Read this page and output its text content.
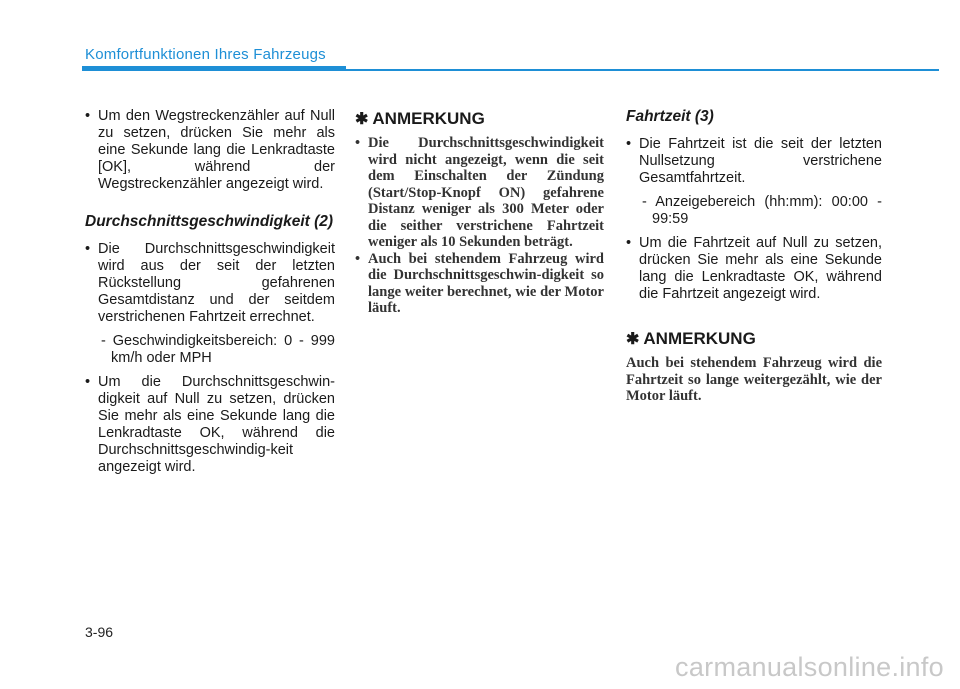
Komfortfunktionen Ihres Fahrzeugs

• Um den Wegstreckenzähler auf Null zu setzen, drücken Sie mehr als eine Sekunde lang die Lenkradtaste [OK], während der Wegstreckenzähler angezeigt wird.

Durchschnittsgeschwindigkeit (2)

• Die Durchschnittsgeschwindigkeit wird aus der seit der letzten Rückstellung gefahrenen Gesamtdistanz und der seitdem verstrichenen Fahrtzeit errechnet.

- Geschwindigkeitsbereich: 0 - 999 km/h oder MPH

• Um die Durchschnittsgeschwin-digkeit auf Null zu setzen, drücken Sie mehr als eine Sekunde lang die Lenkradtaste OK, während die Durchschnittsgeschwindig-keit angezeigt wird.

✱ ANMERKUNG

• Die Durchschnittsgeschwindigkeit wird nicht angezeigt, wenn die seit dem Einschalten der Zündung (Start/Stop-Knopf ON) gefahrene Distanz weniger als 300 Meter oder die seither verstrichene Fahrtzeit weniger als 10 Sekunden beträgt.

• Auch bei stehendem Fahrzeug wird die Durchschnittsgeschwin-digkeit so lange weiter berechnet, wie der Motor läuft.

Fahrtzeit (3)

• Die Fahrtzeit ist die seit der letzten Nullsetzung verstrichene Gesamtfahrtzeit.

- Anzeigebereich (hh:mm): 00:00 - 99:59

• Um die Fahrtzeit auf Null zu setzen, drücken Sie mehr als eine Sekunde lang die Lenkradtaste OK, während die Fahrtzeit angezeigt wird.

✱ ANMERKUNG

Auch bei stehendem Fahrzeug wird die Fahrtzeit so lange weitergezählt, wie der Motor läuft.

3-96
carmanualsonline.info
